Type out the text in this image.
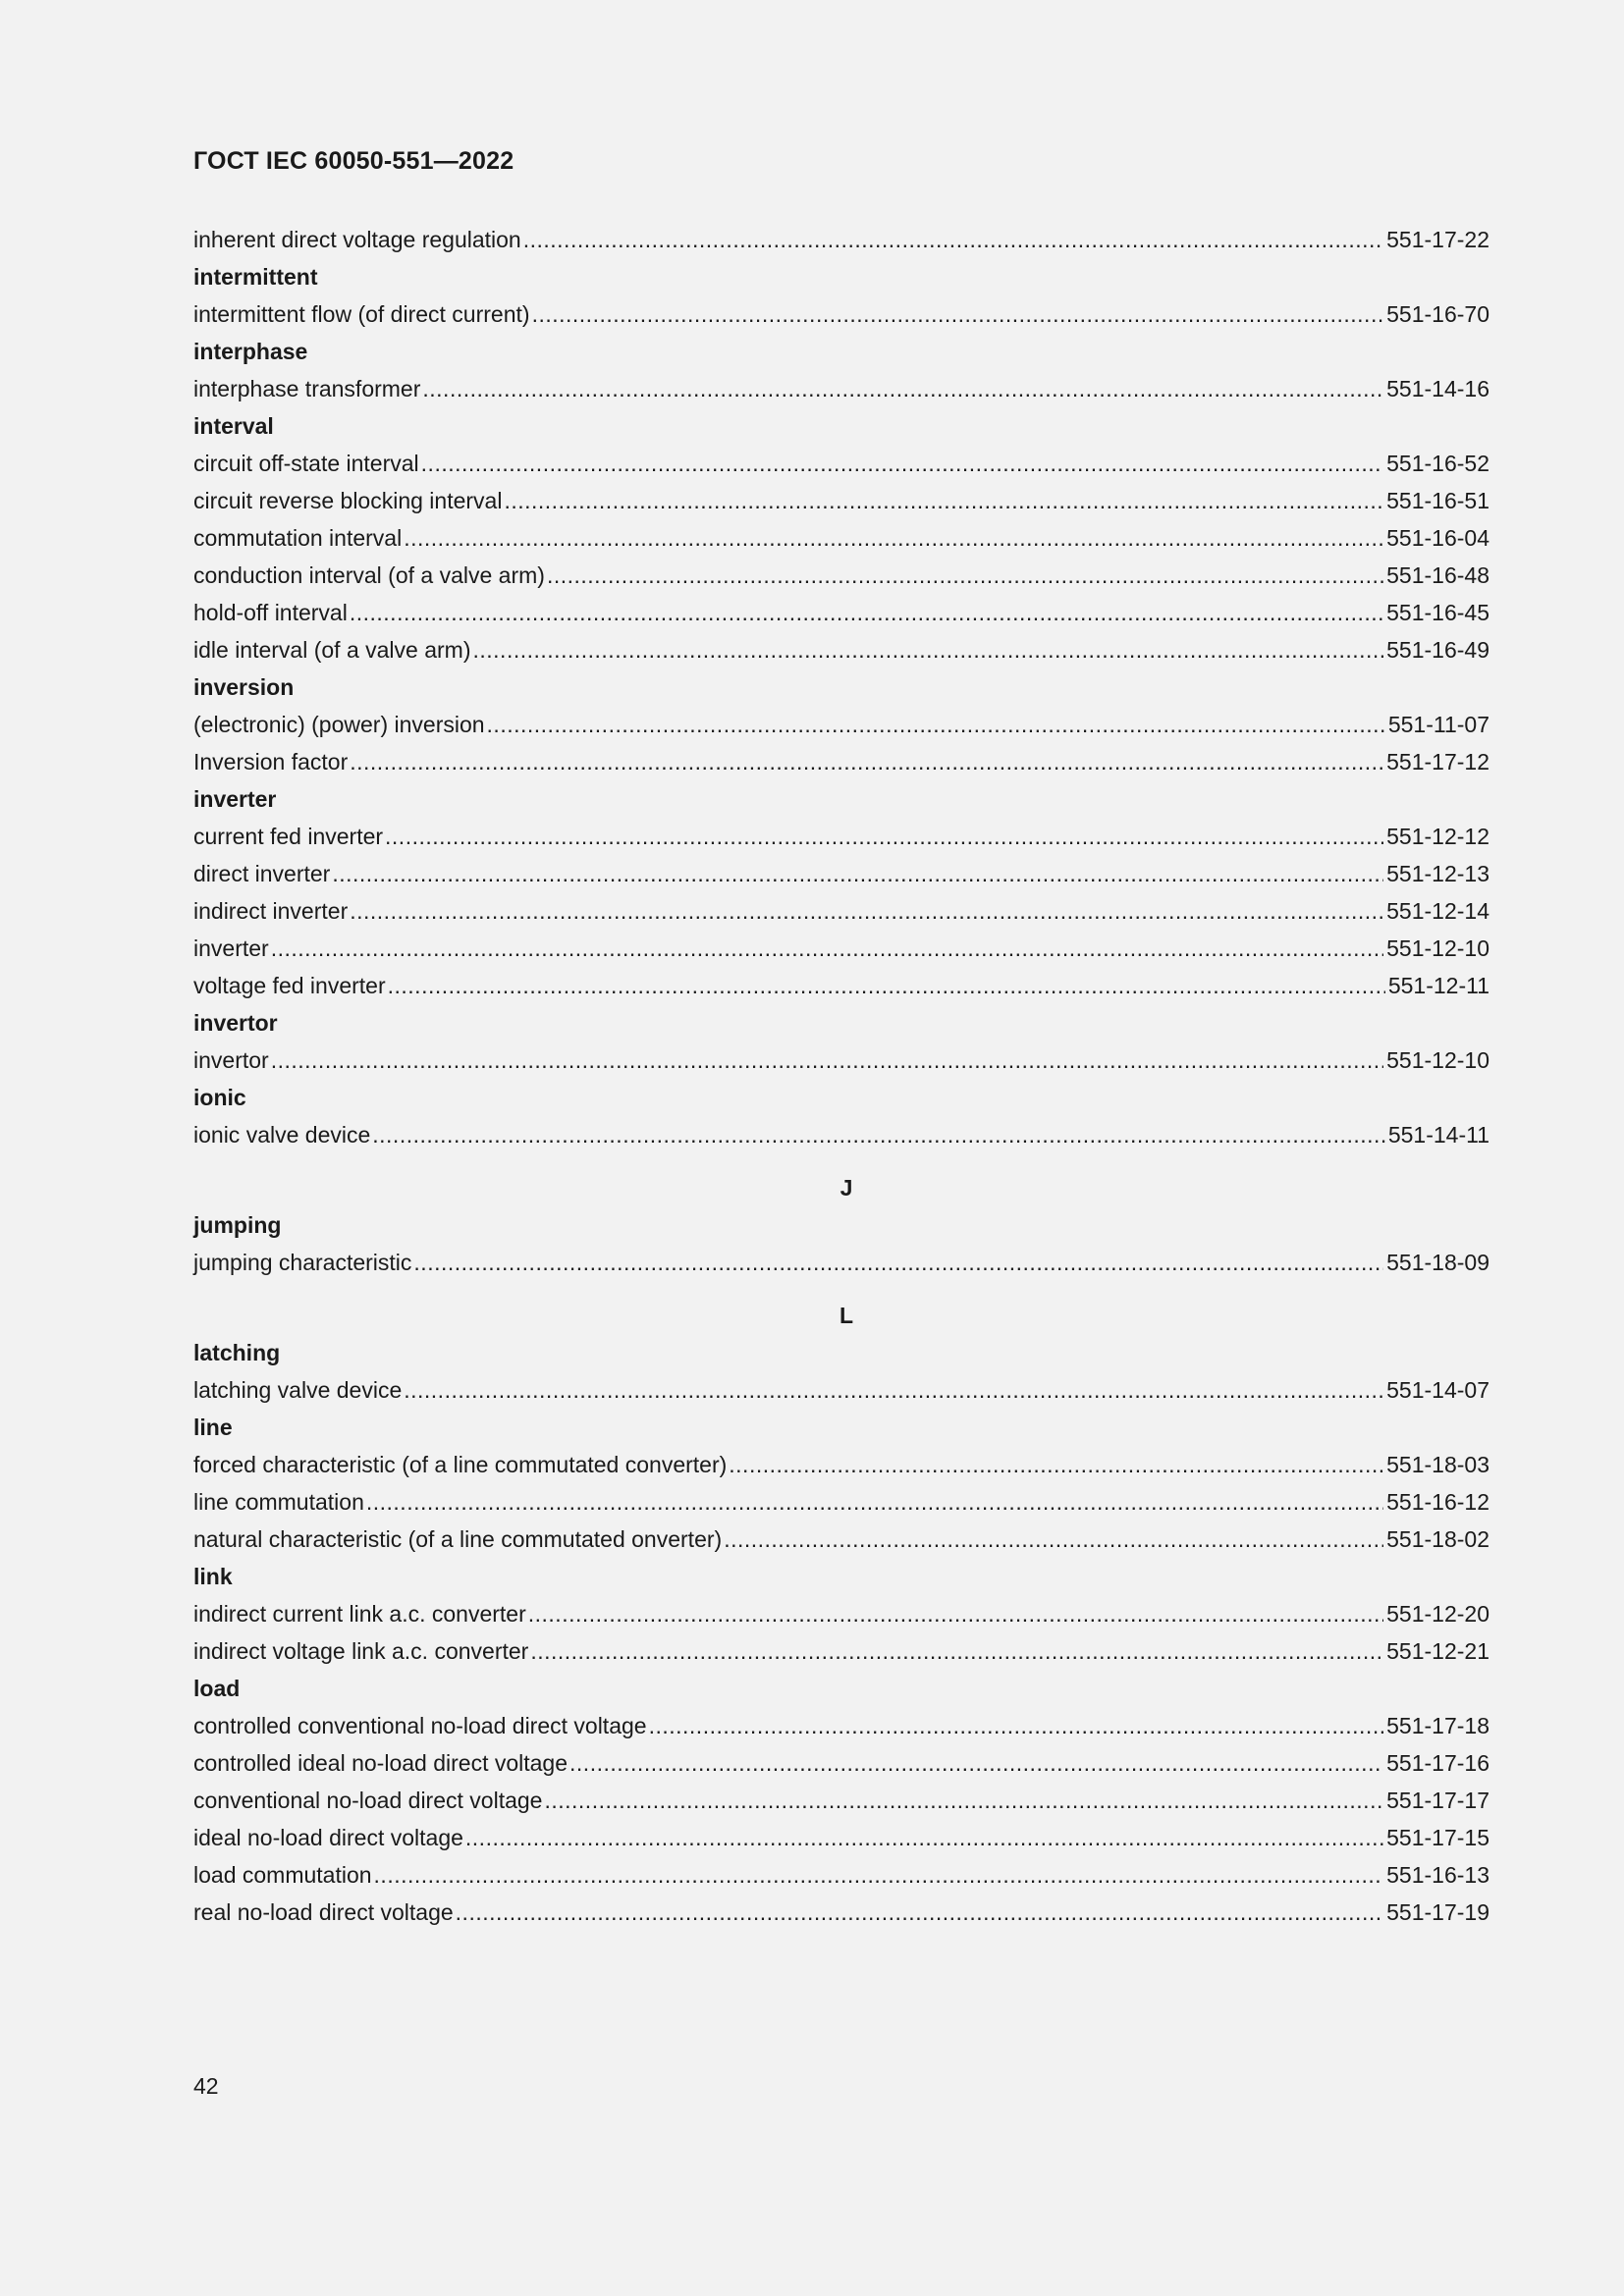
ГОСТ IEC 60050-551—2022
inherent direct voltage regulation .....	551-17-22
intermittent
intermittent flow (of direct current) .....	551-16-70
interphase
interphase transformer .....	551-14-16
interval
circuit off-state interval .....	551-16-52
circuit reverse blocking interval .....	551-16-51
commutation interval .....	551-16-04
conduction interval (of a valve arm) .....	551-16-48
hold-off interval .....	551-16-45
idle interval (of a valve arm) .....	551-16-49
inversion
(electronic) (power) inversion .....	551-11-07
Inversion factor .....	551-17-12
inverter
current fed inverter .....	551-12-12
direct inverter .....	551-12-13
indirect inverter .....	551-12-14
inverter .....	551-12-10
voltage fed inverter .....	551-12-11
invertor
invertor .....	551-12-10
ionic
ionic valve device .....	551-14-11
J
jumping
jumping characteristic .....	551-18-09
L
latching
latching valve device .....	551-14-07
line
forced characteristic (of a line commutated converter) .....	551-18-03
line commutation .....	551-16-12
natural characteristic (of a line commutated onverter) .....	551-18-02
link
indirect current link a.c. converter .....	551-12-20
indirect voltage link a.c. converter .....	551-12-21
load
controlled conventional no-load direct voltage .....	551-17-18
controlled ideal no-load direct voltage .....	551-17-16
conventional no-load direct voltage .....	551-17-17
ideal no-load direct voltage .....	551-17-15
load commutation .....	551-16-13
real no-load direct voltage .....	551-17-19
42
